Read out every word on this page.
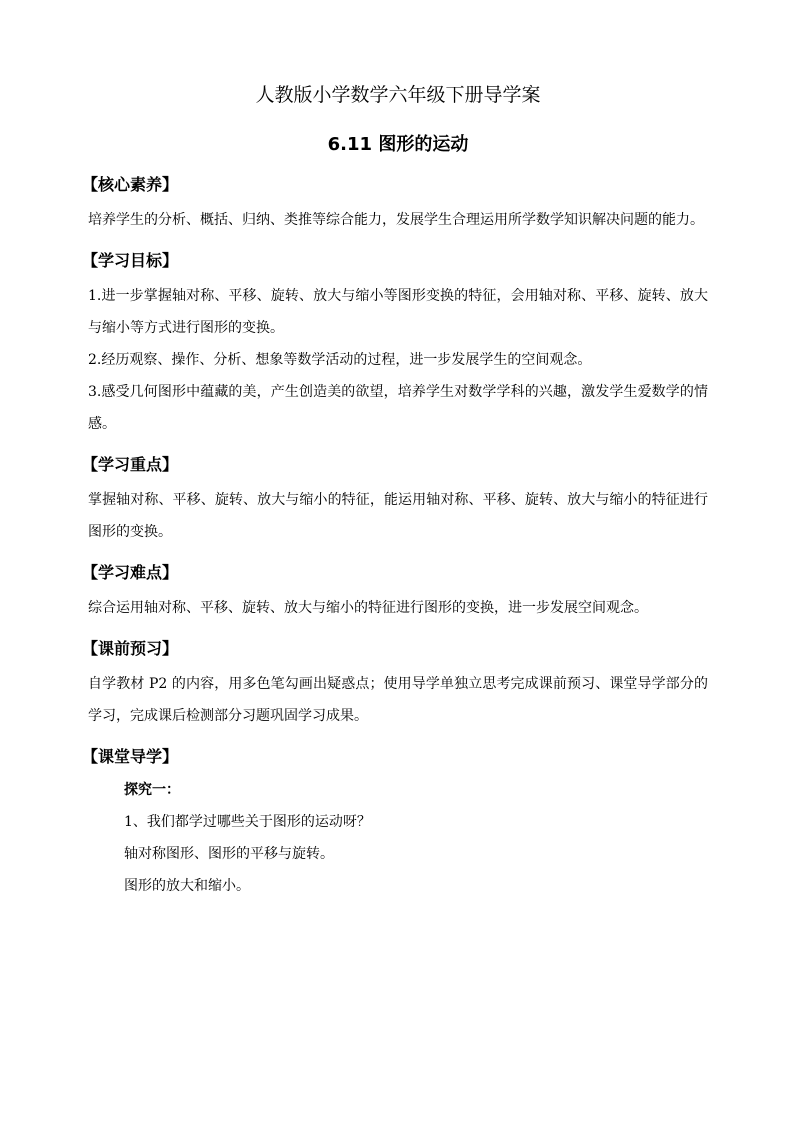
人教版小学数学六年级下册导学案
6.11 图形的运动
【核心素养】

培养学生的分析、概括、归纳、类推等综合能力，发展学生合理运用所学数学知识解决问题的能力。

【学习目标】
1.进一步掌握轴对称、平移、旋转、放大与缩小等图形变换的特征，会用轴对称、平移、旋转、放大与缩小等方式进行图形的变换。
2.经历观察、操作、分析、想象等数学活动的过程，进一步发展学生的空间观念。
3.感受几何图形中蕴藏的美，产生创造美的欲望，培养学生对数学学科的兴趣，激发学生爱数学的情感。
【学习重点】

掌握轴对称、平移、旋转、放大与缩小的特征，能运用轴对称、平移、旋转、放大与缩小的特征进行图形的变换。

【学习难点】

综合运用轴对称、平移、旋转、放大与缩小的特征进行图形的变换，进一步发展空间观念。

【课前预习】

自学教材 P2 的内容，用多色笔勾画出疑惑点；使用导学单独立思考完成课前预习、课堂导学部分的学习，完成课后检测部分习题巩固学习成果。

【课堂导学】
探究一：

1、我们都学过哪些关于图形的运动呀？

轴对称图形、图形的平移与旋转。

图形的放大和缩小。
